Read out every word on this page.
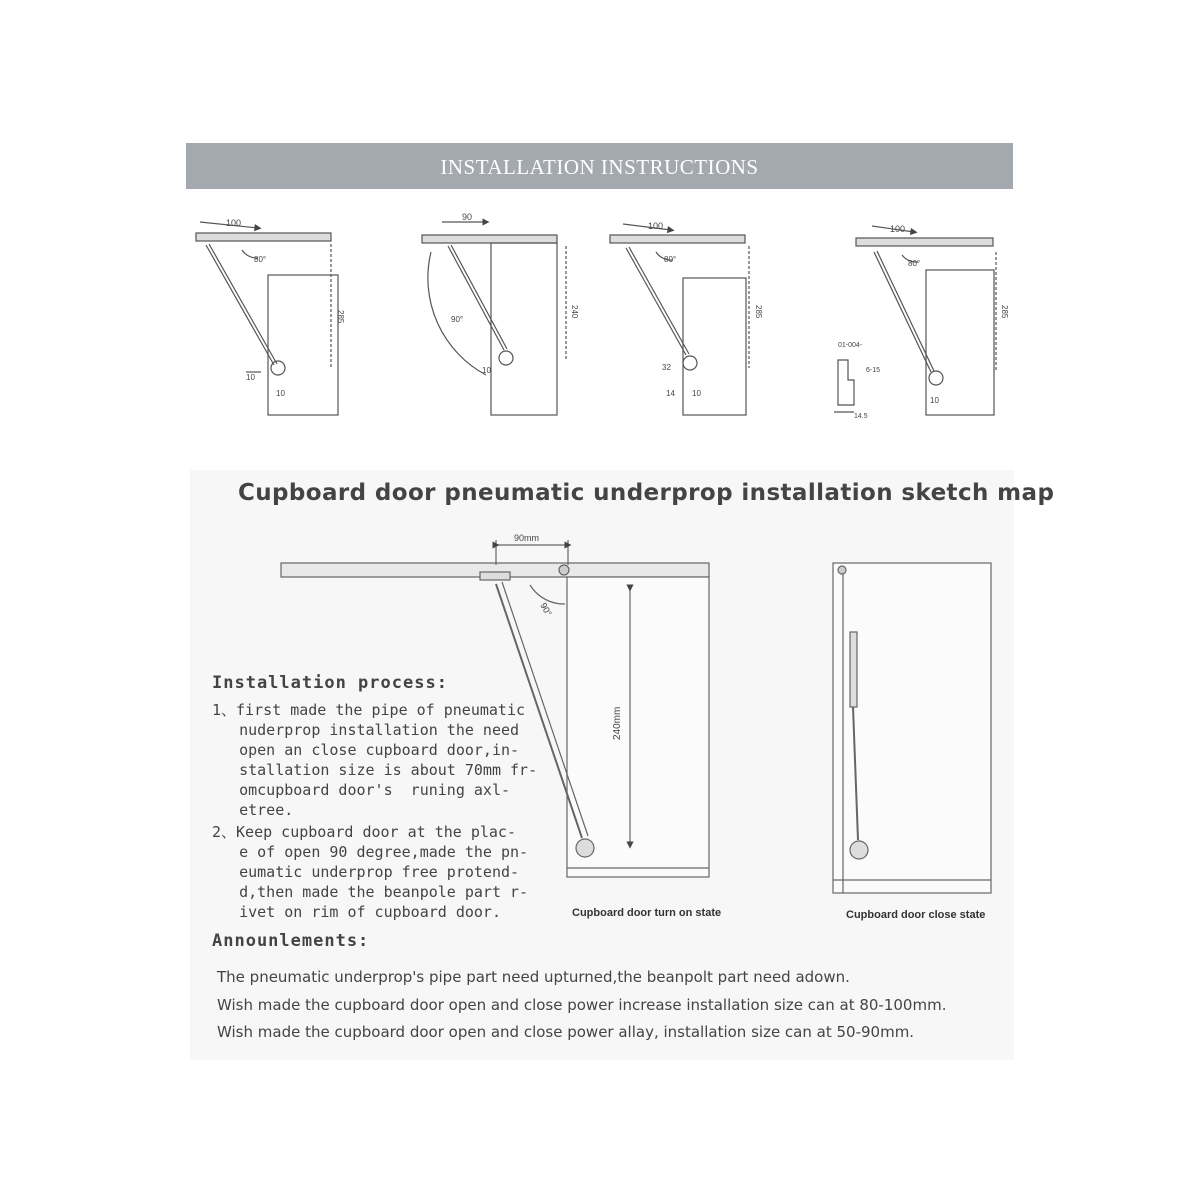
INSTALLATION INSTRUCTIONS
100
80°
285
10
10
90
90°
240
10
100
80°
285
32
14 10
100
80°
285
10
01-004-
6-15
14.5
Cupboard door pneumatic underprop installation sketch map
90mm
90°
240mm
Installation process:
1、first made the pipe of pneumatic
nuderprop installation the need
open an close cupboard door,in-
stallation size is about 70mm fr-
omcupboard door's  runing axl-
etree.
2、Keep cupboard door at the plac-
e of open 90 degree,made the pn-
eumatic underprop free protend-
d,then made the beanpole part r-
ivet on rim of cupboard door.	Cupboard door turn on state	Cupboard door close state
Announlements:
The pneumatic underprop's pipe part need upturned,the beanpolt part need adown.
Wish made the cupboard door open and close power increase installation size can at 80-100mm.
Wish made the cupboard door open and close power allay, installation size can at 50-90mm.
